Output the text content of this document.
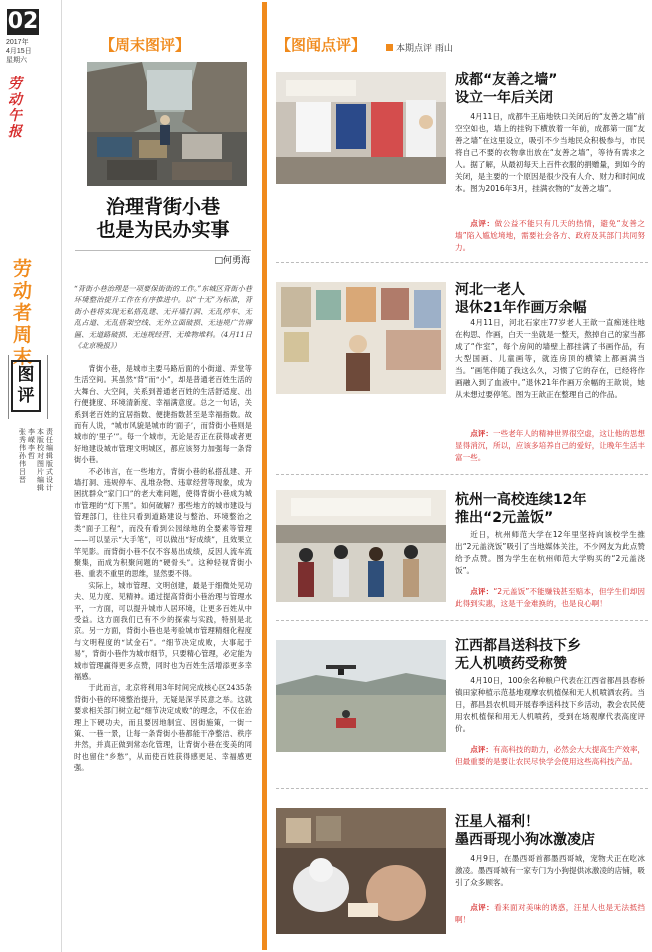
02
2017年
4月15日
星期六
劳动午报
劳动者周末
图评
责任编辑
版式设计
本版校对
图片编辑
李嵘
李哲
张秀伟
孙伟
吕晋
【周末图评】
治理背街小巷
也是为民办实事
□何勇海
“背街小巷治理是一项要保街街的工作。”东城区背街小巷环境整治提升工作在有序推进中。以“十无”为标准，背街小巷将实现无私搭乱建、无开墙打洞、无乱停车、无乱占道、无乱搭架空线、无外立面破损、无违规广告牌匾、无道路破损、无违规经营、无堆物堆料。（4月11日《北京晚报》）

背街小巷，是城市主要马路后面的小街道、弄堂等生活空间。其虽然“背”而“小”，却是普通老百姓生活的大舞台、大空间，关系到普通老百姓的生活舒适度、出行便捷度、环境清新度、幸福满意度。总之一句话，关系到老百姓的宜居指数、便捷指数甚至是幸福指数。故而有人说，“城市风貌是城市的‘面子’，而背街小巷则是城市的‘里子’”。每一个城市，无论是否正在获得或者更好地建设城市管理文明城区，都应该努力加强每一条背街小巷。

不必讳言，在一些地方，背街小巷的私搭乱建、开墙打洞、违规停车、乱堆杂物、违章经营等现象，成为困扰群众“家门口”的老大难问题，使得背街小巷成为城市管理的“灯下黑”。如何破解？那些地方的城市建设与管理部门，往往只看到道路建设与整治、环境整治之类“面子工程”，而没有看到公园绿地的全要素等管理——可以显示“大手笔”，可以做出“好成绩”，且效果立竿见影。而背街小巷不仅不容易出成绩，反因人流车流聚集，而成为积聚问题的“硬骨头”。这种轻视背街小巷、重表不重里的思维，显然要不得。

实际上，城市管理、文明创建，最是于细微处见功夫、见力度、见精神。通过提高背街小巷治理与管理水平，一方面，可以提升城市人居环境，让更多百姓从中受益。这方面我们已有不少的探索与实践，特别是北京。另一方面，背街小巷也是考验城市管理精细化程度与文明程度的“试金石”。“细节决定成败，大事起于易”，背街小巷作为城市细节，只要精心管理，必定能为城市管理赢得更多点赞，同时也为百姓生活增添更多幸福感。

于此而言，北京将利用3年时间完成核心区2435条背街小巷的环境整治提升，无疑是深孚民意之举。这就要求相关部门树立起“细节决定成败”的理念，不仅在治理上下硬功夫，而且要因地制宜、因街施策，一街一策、一巷一景，让每一条背街小巷都能干净整洁、秩序井然，并真正做到常态化管理，让背街小巷在变美的同时也留住“乡愁”，从而使百姓获得感更足、幸福感更强。

【图闻点评】	本期点评 雨山
成都“友善之墙”
设立一年后关闭

4月11日，成都牛王庙地铁口关闭后的“友善之墙”前空空如也，墙上的挂钩下横放着一年前，成都第一面“友善之墙”在这里设立，吸引不少当地民众积极参与，市民将自己不要的衣物拿出放在“友善之墙”，等待有需求之人。据了解，从最初每天上百件衣服的捐赠量，到如今的关闭，是主要的一个原因是很少没有人介、财力和时间成本。图为2016年3月，挂满衣物的“友善之墙”。

点评：做公益不能只有几天的热情，避免“友善之墙”陷入尴尬境地，需要社会各方、政府及其部门共同努力。

河北一老人
退休21年作画万余幅

4月11日，河北石家庄77岁老人王歆一直痴迷往地在构思、作画，白天一坐就是一整天，熬掉自己的家当都成了“作室”，每个房间的墙壁上都挂满了书画作品，有大型国画、儿童画等，就连房顶的横梁上都画满当当。“画笔伴随了我这么久，习惯了它的存在，已经将作画融入到了血液中。”退休21年作画万余幅的王歆说，她从未想过要停笔。图为王歆正在整理自己的作品。

点评：一些老年人的精神世界很空虚，这让他的思想显得消沉，所以，应该多培养自己的爱好，让晚年生活丰富一些。

杭州一高校连续12年
推出“2元盖饭”

近日，杭州师范大学在12年里坚持向该校学生推出“2元盖浇饭”吸引了当地媒体关注，不少网友为此点赞给予点赞。图为学生在杭州师范大学购买的“2元盖浇饭”。

点评：“2元盖饭”不能赚钱甚至赔本，但学生们却因此得到实惠，这是干金难换的，也是良心啊！

江西都昌送科技下乡
无人机喷药受称赞

4月10日，100余名种粮户代表在江西省都昌县春桥镇田家种植示范基地观摩农机植保和无人机喷洒农药。当日，都昌县农机局开展春季送科技下乡活动，教会农民使用农机植保和用无人机喷药，受到在场观摩代表高度评价。

点评：有高科技的助力，必然会大大提高生产效率，但最重要的是要让农民尽快学会使用这些高科技产品。

汪星人福利！
墨西哥现小狗冰激凌店

4月9日，在墨西哥首都墨西哥城，宠物犬正在吃冰激凌。墨西哥城有一家专门为小狗提供冰激凌的店铺，吸引了众多顾客。

点评：看来面对美味的诱惑，汪星人也是无法抵挡啊！
